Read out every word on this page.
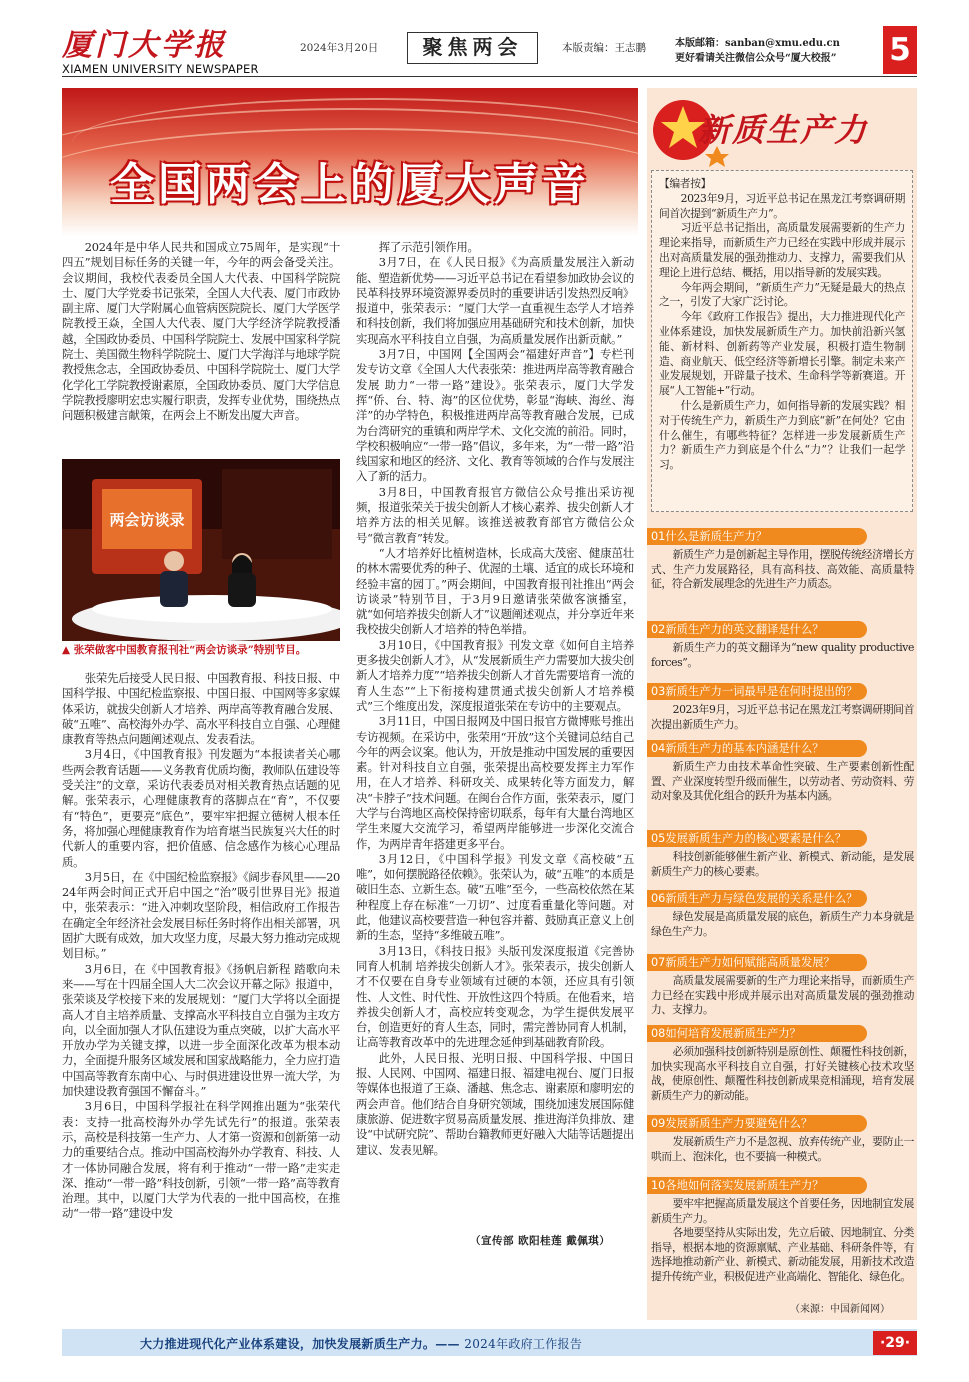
厦门大学报
XIAMEN UNIVERSITY NEWSPAPER
2024年3月20日	聚焦两会	本版责编：王志鹏	本版邮箱：sanban@xmu.edu.cn
更好看请关注微信公众号“厦大校报” 5
全国两会上的厦大声音

2024年是中华人民共和国成立75周年，是实现“十四五”规划目标任务的关键一年，今年的两会备受关注。会议期间，我校代表委员全国人大代表、中国科学院院士、厦门大学党委书记张荣，全国人大代表、厦门市政协副主席、厦门大学附属心血管病医院院长、厦门大学医学院教授王焱，全国人大代表、厦门大学经济学院教授潘越，全国政协委员、中国科学院院士、发展中国家科学院院士、美国微生物科学院院士、厦门大学海洋与地球学院教授焦念志，全国政协委员、中国科学院院士、厦门大学化学化工学院教授谢素原，全国政协委员、厦门大学信息学院教授廖明宏忠实履行职责，发挥专业优势，围绕热点问题积极建言献策，在两会上不断发出厦大声音。

两会访谈录
▲ 张荣做客中国教育报刊社“两会访谈录”特别节目。

张荣先后接受人民日报、中国教育报、科技日报、中国科学报、中国纪检监察报、中国日报、中国网等多家媒体采访，就拔尖创新人才培养、两岸高等教育融合发展、破“五唯”、高校海外办学、高水平科技自立自强、心理健康教育等热点问题阐述观点、发表看法。

3月4日，《中国教育报》刊发题为“本报读者关心哪些两会教育话题——义务教育优质均衡，教师队伍建设等受关注”的文章，采访代表委员对相关教育热点话题的见解。张荣表示，心理健康教育的落脚点在“育”，不仅要有“特色”，更要亮“底色”，要牢牢把握立德树人根本任务，将加强心理健康教育作为培育堪当民族复兴大任的时代新人的重要内容，把价值感、信念感作为核心心理品质。

3月5日，在《中国纪检监察报》《阔步春风里——2024年两会时间正式开启中国之“治”吸引世界目光》报道中，张荣表示：“进入冲刺攻坚阶段，相信政府工作报告在确定全年经济社会发展目标任务时将作出相关部署，巩固扩大既有成效，加大攻坚力度，尽最大努力推动完成规划目标。”

3月6日，在《中国教育报》《扬帆启新程 踏歌向未来——写在十四届全国人大二次会议开幕之际》报道中，张荣谈及学校接下来的发展规划：“厦门大学将以全面提高人才自主培养质量、支撑高水平科技自立自强为主攻方向，以全面加强人才队伍建设为重点突破，以扩大高水平开放办学为关键支撑，以进一步全面深化改革为根本动力，全面提升服务区域发展和国家战略能力，全力应打造中国高等教育东南中心、与时俱进建设世界一流大学，为加快建设教育强国不懈奋斗。”

3月6日，中国科学报社在科学网推出题为“张荣代表：支持一批高校海外办学先试先行”的报道。张荣表示，高校是科技第一生产力、人才第一资源和创新第一动力的重要结合点。推动中国高校海外办学教育、科技、人才一体协同融合发展，将有利于推动“一带一路”走实走深、推动“一带一路”科技创新，引领“一带一路”高等教育治理。其中，以厦门大学为代表的一批中国高校，在推动“一带一路”建设中发

挥了示范引领作用。

3月7日，在《人民日报》《为高质量发展注入新动能、塑造新优势——习近平总书记在看望参加政协会议的民革科技界环境资源界委员时的重要讲话引发热烈反响》报道中，张荣表示：“厦门大学一直重视生态学人才培养和科技创新，我们将加强应用基础研究和技术创新，加快实现高水平科技自立自强，为高质量发展作出新贡献。”

3月7日，中国网【全国两会“福建好声音”】专栏刊发专访文章《全国人大代表张荣：推进两岸高等教育融合发展 助力“一带一路”建设》。张荣表示，厦门大学发挥“侨、台、特、海”的区位优势，彰显“海峡、海丝、海洋”的办学特色，积极推进两岸高等教育融合发展，已成为台湾研究的重镇和两岸学术、文化交流的前沿。同时，学校积极响应“一带一路”倡议，多年来，为“一带一路”沿线国家和地区的经济、文化、教育等领域的合作与发展注入了新的活力。

3月8日，中国教育报官方微信公众号推出采访视频，报道张荣关于拔尖创新人才核心素养、拔尖创新人才培养方法的相关见解。该推送被教育部官方微信公众号“微言教育”转发。

“人才培养好比植树造林，长成高大茂密、健康茁壮的林木需要优秀的种子、优渥的土壤、适宜的成长环境和经验丰富的园丁。”两会期间，中国教育报刊社推出“两会访谈录”特别节目，于3月9日邀请张荣做客演播室，就“如何培养拔尖创新人才”议题阐述观点，并分享近年来我校拔尖创新人才培养的特色举措。

3月10日，《中国教育报》刊发文章《如何自主培养更多拔尖创新人才》，从“发展新质生产力需要加大拔尖创新人才培养力度”“培养拔尖创新人才首先需要培育一流的育人生态”“上下衔接构建贯通式拔尖创新人才培养模式”三个维度出发，深度报道张荣在专访中的主要观点。

3月11日，中国日报网及中国日报官方微博账号推出专访视频。在采访中，张荣用“开放”这个关键词总结自己今年的两会议案。他认为，开放是推动中国发展的重要因素。针对科技自立自强，张荣提出高校要发挥主力军作用，在人才培养、科研攻关、成果转化等方面发力，解决“卡脖子”技术问题。在闽台合作方面，张荣表示，厦门大学与台湾地区高校保持密切联系，每年有大量台湾地区学生来厦大交流学习，希望两岸能够进一步深化交流合作，为两岸青年搭建更多平台。

3月12日，《中国科学报》刊发文章《高校破“五唯”，如何摆脱路径依赖》。张荣认为，破“五唯”的本质是破旧生态、立新生态。破“五唯”至今，一些高校依然在某种程度上存在标准“一刀切”、过度看重量化等问题。对此，他建议高校要营造一种包容并蓄、鼓励真正意义上创新的生态，坚持“多维破五唯”。

3月13日，《科技日报》头版刊发深度报道《完善协同育人机制 培养拔尖创新人才》。张荣表示，拔尖创新人才不仅要在自身专业领域有过硬的本领，还应具有引领性、人文性、时代性、开放性这四个特质。在他看来，培养拔尖创新人才，高校应转变观念，为学生提供发展平台，创造更好的育人生态，同时，需完善协同育人机制，让高等教育改革中的先进理念延伸到基础教育阶段。

此外，人民日报、光明日报、中国科学报、中国日报、人民网、中国网、福建日报、福建电视台、厦门日报等媒体也报道了王焱、潘越、焦念志、谢素原和廖明宏的两会声音。他们结合自身研究领域，围绕加速发展国际健康旅游、促进数字贸易高质量发展、推进海洋负排放、建设“中试研究院”、帮助台籍教师更好融入大陆等话题提出建议、发表见解。

（宣传部 欧阳桂莲 戴佩琪）
新质生产力

【编者按】

2023年9月，习近平总书记在黑龙江考察调研期间首次提到“新质生产力”。

习近平总书记指出，高质量发展需要新的生产力理论来指导，而新质生产力已经在实践中形成并展示出对高质量发展的强劲推动力、支撑力，需要我们从理论上进行总结、概括，用以指导新的发展实践。

今年两会期间，“新质生产力”无疑是最大的热点之一，引发了大家广泛讨论。

今年《政府工作报告》提出，大力推进现代化产业体系建设，加快发展新质生产力。加快前沿新兴氢能、新材料、创新药等产业发展，积极打造生物制造、商业航天、低空经济等新增长引擎。制定未来产业发展规划，开辟量子技术、生命科学等新赛道。开展“人工智能+”行动。

什么是新质生产力，如何指导新的发展实践？相对于传统生产力，新质生产力到底“新”在何处？它由什么催生，有哪些特征？怎样进一步发展新质生产力？新质生产力到底是个什么“力”？让我们一起学习。

01什么是新质生产力？

新质生产力是创新起主导作用，摆脱传统经济增长方式、生产力发展路径，具有高科技、高效能、高质量特征，符合新发展理念的先进生产力质态。

02新质生产力的英文翻译是什么？

新质生产力的英文翻译为“new quality productive forces”。

03新质生产力一词最早是在何时提出的？

2023年9月，习近平总书记在黑龙江考察调研期间首次提出新质生产力。

04新质生产力的基本内涵是什么？

新质生产力由技术革命性突破、生产要素创新性配置、产业深度转型升级而催生，以劳动者、劳动资料、劳动对象及其优化组合的跃升为基本内涵。

05发展新质生产力的核心要素是什么？

科技创新能够催生新产业、新模式、新动能，是发展新质生产力的核心要素。

06新质生产力与绿色发展的关系是什么？

绿色发展是高质量发展的底色，新质生产力本身就是绿色生产力。

07新质生产力如何赋能高质量发展？

高质量发展需要新的生产力理论来指导，而新质生产力已经在实践中形成并展示出对高质量发展的强劲推动力、支撑力。

08如何培育发展新质生产力？

必须加强科技创新特别是原创性、颠覆性科技创新，加快实现高水平科技自立自强，打好关键核心技术攻坚战，使原创性、颠覆性科技创新成果竞相涌现，培育发展新质生产力的新动能。

09发展新质生产力要避免什么？

发展新质生产力不是忽视、放弃传统产业，要防止一哄而上、泡沫化，也不要搞一种模式。

10各地如何落实发展新质生产力？

要牢牢把握高质量发展这个首要任务，因地制宜发展新质生产力。

各地要坚持从实际出发，先立后破、因地制宜、分类指导，根据本地的资源禀赋、产业基础、科研条件等，有选择地推动新产业、新模式、新动能发展，用新技术改造提升传统产业，积极促进产业高端化、智能化、绿色化。

（来源：中国新闻网）
大力推进现代化产业体系建设，加快发展新质生产力。—— 2024年政府工作报告	·29·
